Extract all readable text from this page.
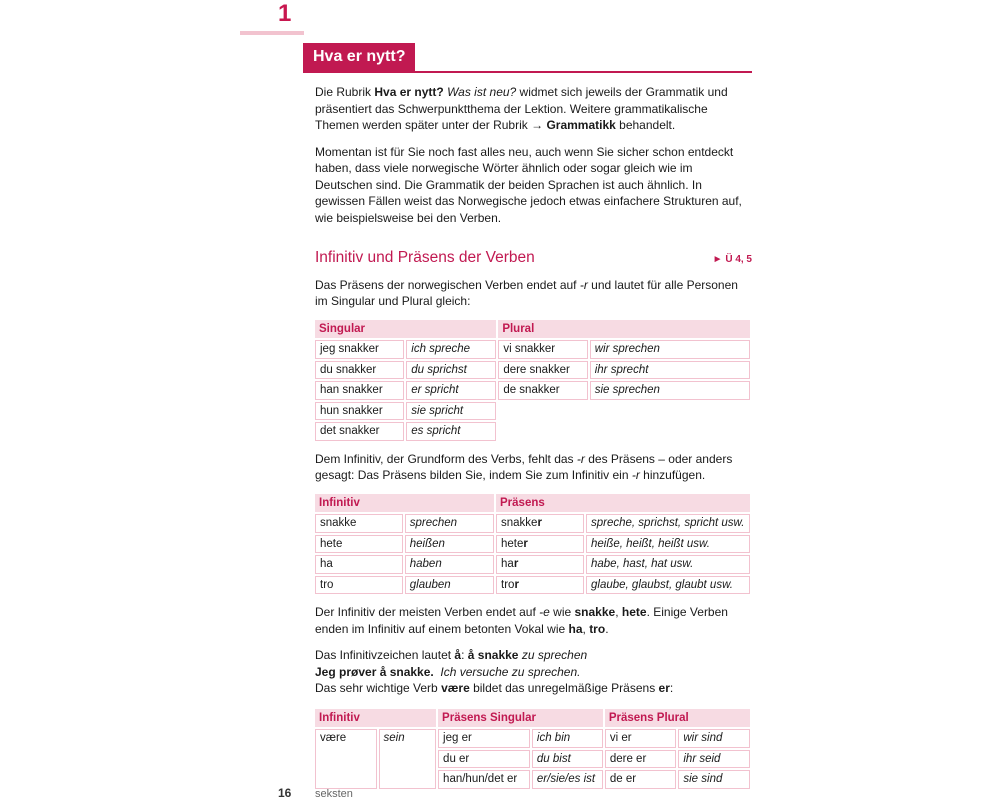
1
Hva er nytt?

Die Rubrik Hva er nytt? Was ist neu? widmet sich jeweils der Grammatik und präsentiert das Schwerpunktthema der Lektion. Weitere grammatikalische Themen werden später unter der Rubrik → Grammatikk behandelt.

Momentan ist für Sie noch fast alles neu, auch wenn Sie sicher schon entdeckt haben, dass viele norwegische Wörter ähnlich oder sogar gleich wie im Deutschen sind. Die Grammatik der beiden Sprachen ist auch ähnlich. In gewissen Fällen weist das Norwegische jedoch etwas einfachere Strukturen auf, wie beispielsweise bei den Verben.

Infinitiv und Präsens der Verben	► Ü 4, 5

Das Präsens der norwegischen Verben endet auf -r und lautet für alle Personen im Singular und Plural gleich:

Singular		Plural	
jeg snakker	ich spreche	vi snakker	wir sprechen
du snakker	du sprichst	dere snakker	ihr sprecht
han snakker	er spricht	de snakker	sie sprechen
hun snakker	sie spricht		
det snakker	es spricht		

Dem Infinitiv, der Grundform des Verbs, fehlt das -r des Präsens – oder anders gesagt: Das Präsens bilden Sie, indem Sie zum Infinitiv ein -r hinzufügen.

Infinitiv		Präsens	
snakke	sprechen	snakker	spreche, sprichst, spricht usw.
hete	heißen	heter	heiße, heißt, heißt usw.
ha	haben	har	habe, hast, hat usw.
tro	glauben	tror	glaube, glaubst, glaubt usw.

Der Infinitiv der meisten Verben endet auf -e wie snakke, hete. Einige Verben enden im Infinitiv auf einem betonten Vokal wie ha, tro.

Das Infinitivzeichen lautet å: å snakke zu sprechen

Jeg prøver å snakke. Ich versuche zu sprechen.

Das sehr wichtige Verb være bildet das unregelmäßige Präsens er:

Infinitiv		Präsens Singular		Präsens Plural	
være	sein	jeg er	ich bin	vi er	wir sind
		du er	du bist	dere er	ihr seid
		han/hun/det er	er/sie/es ist	de er	sie sind
16 seksten
